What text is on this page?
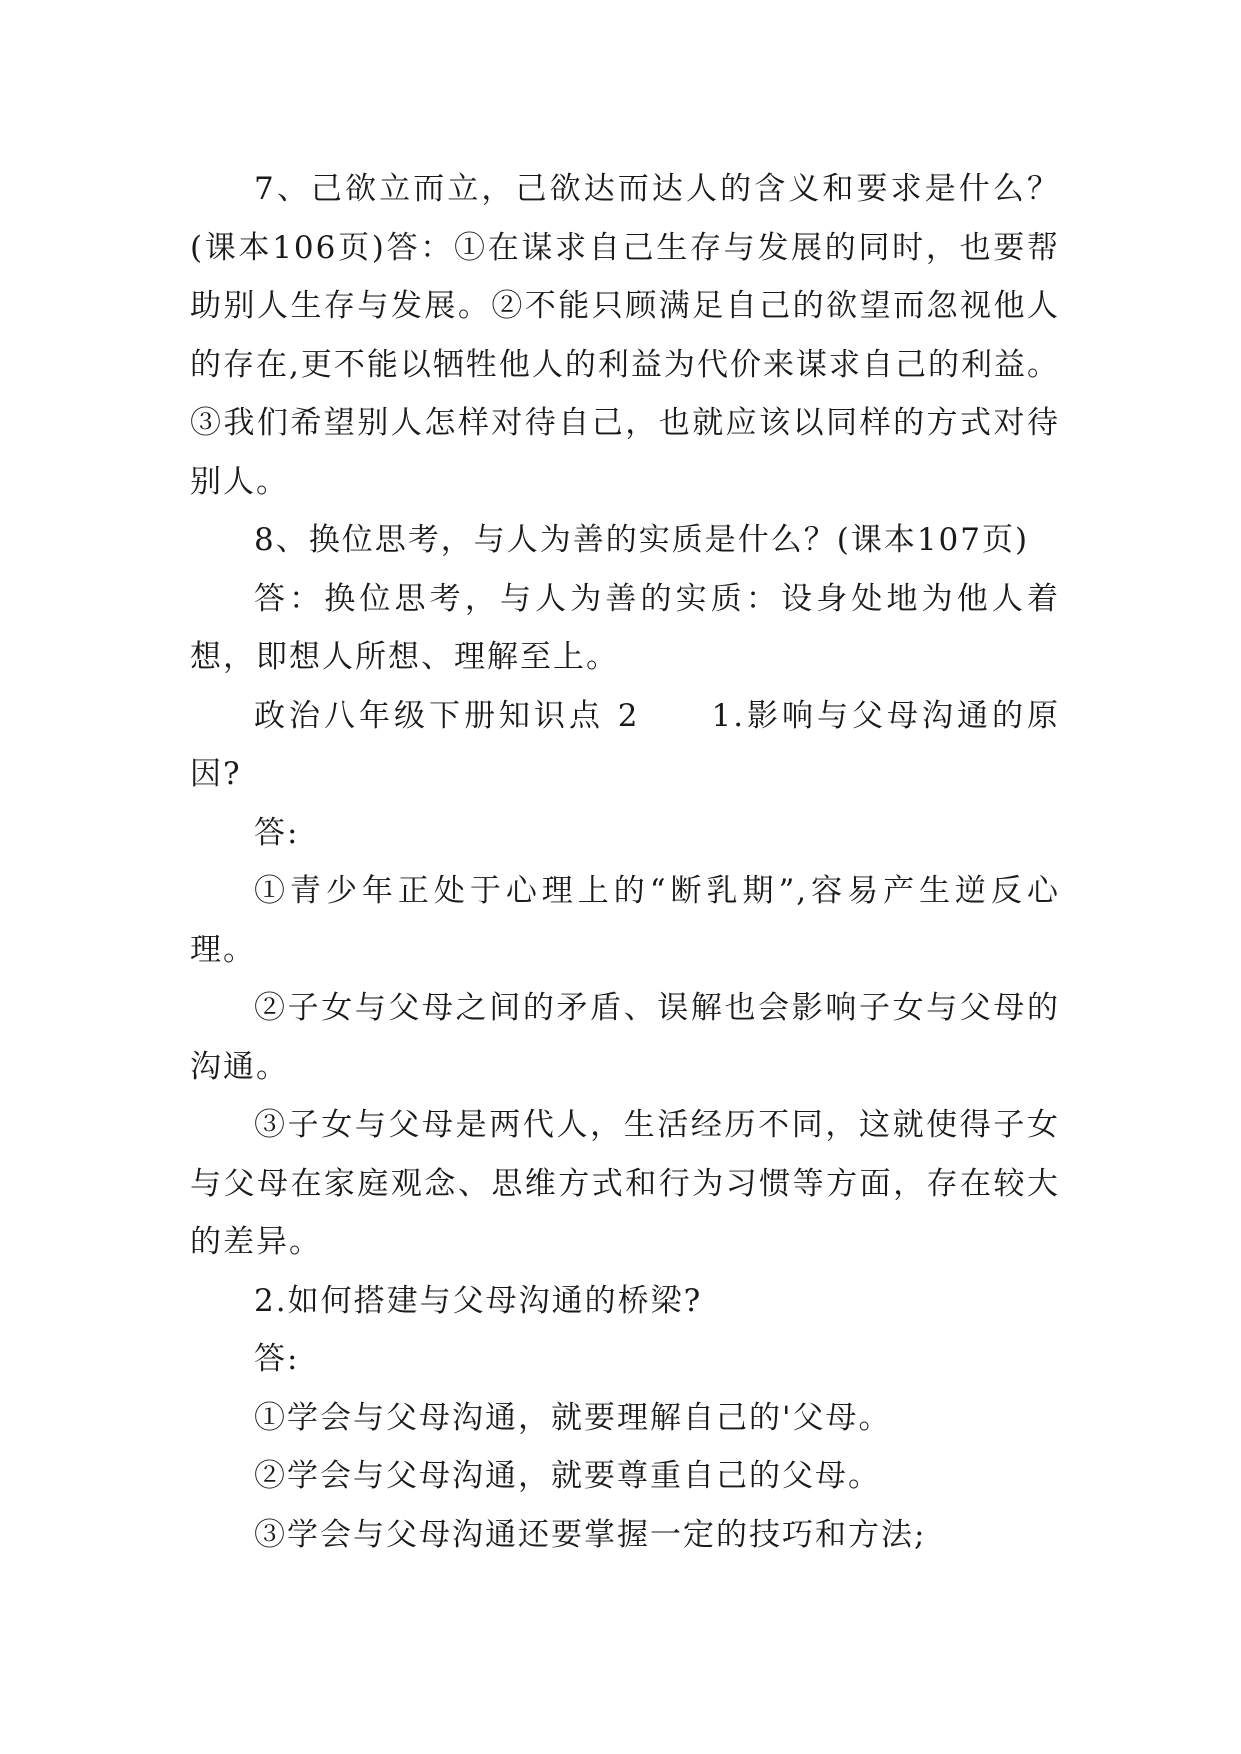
7、己欲立而立，己欲达而达人的含义和要求是什么？(课本106页)答：①在谋求自己生存与发展的同时，也要帮助别人生存与发展。②不能只顾满足自己的欲望而忽视他人的存在,更不能以牺牲他人的利益为代价来谋求自己的利益。③我们希望别人怎样对待自己，也就应该以同样的方式对待别人。

8、换位思考，与人为善的实质是什么？(课本107页)

答：换位思考，与人为善的实质：设身处地为他人着想，即想人所想、理解至上。

政治八年级下册知识点 2　　1.影响与父母沟通的原因?

答:

①青少年正处于心理上的“断乳期”,容易产生逆反心理。

②子女与父母之间的矛盾、误解也会影响子女与父母的沟通。

③子女与父母是两代人，生活经历不同，这就使得子女与父母在家庭观念、思维方式和行为习惯等方面，存在较大的差异。

2.如何搭建与父母沟通的桥梁?

答:

①学会与父母沟通，就要理解自己的'父母。

②学会与父母沟通，就要尊重自己的父母。

③学会与父母沟通还要掌握一定的技巧和方法;
